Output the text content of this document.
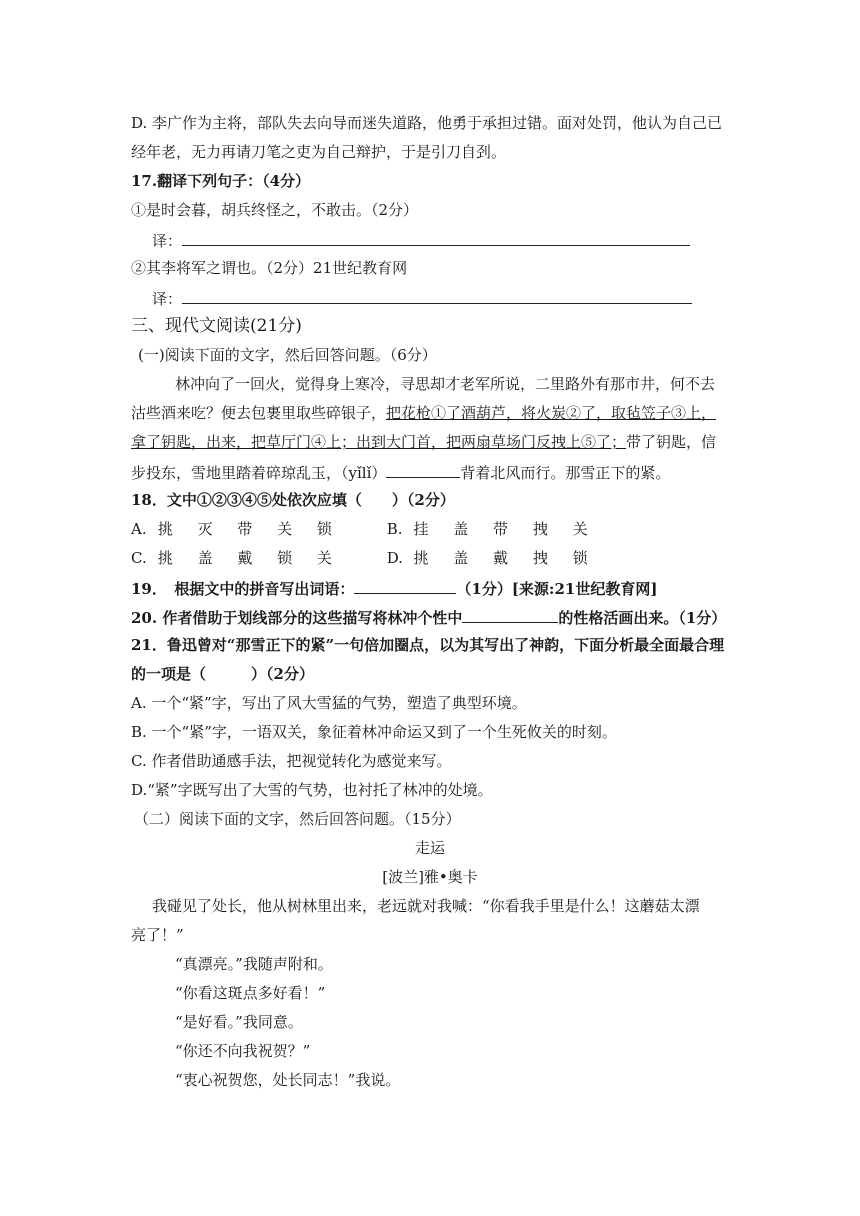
D. 李广作为主将，部队失去向导而迷失道路，他勇于承担过错。面对处罚，他认为自己已
经年老，无力再请刀笔之吏为自己辩护，于是引刀自刭。
17.翻译下列句子：（4分）
①是时会暮，胡兵终怪之，不敢击。（2分）
译：
②其李将军之谓也。（2分）21世纪教育网
译：
三、现代文阅读(21分)
(一)阅读下面的文字，然后回答问题。（6分）
林冲向了一回火，觉得身上寒冷，寻思却才老军所说，二里路外有那市井，何不去
沽些酒来吃？便去包裹里取些碎银子，把花枪①了酒葫芦，将火炭②了，取毡笠子③上，
拿了钥匙，出来，把草厅门④上；出到大门首，把两扇草场门反拽上⑤了；带了钥匙，信
步投东，雪地里踏着碎琼乱玉，（yǐlǐ）	背着北风而行。那雪正下的紧。
18．文中①②③④⑤处依次应填（　　）（2分）
A. 挑 灭 带 关 锁	B. 挂 盖 带 拽 关
C. 挑 盖 戴 锁 关	D. 挑 盖 戴 拽 锁
19．　根据文中的拼音写出词语：	（1分）[来源:21世纪教育网]
20. 作者借助于划线部分的这些描写将林冲个性中	的性格活画出来。（1分）
21．鲁迅曾对“那雪正下的紧”一句倍加圈点，以为其写出了神韵，下面分析最全面最合理
的一项是（　　　）（2分）
A. 一个“紧”字，写出了风大雪猛的气势，塑造了典型环境。
B. 一个“紧”字，一语双关，象征着林冲命运又到了一个生死攸关的时刻。
C. 作者借助通感手法，把视觉转化为感觉来写。
D.“紧”字既写出了大雪的气势，也衬托了林冲的处境。
（二）阅读下面的文字，然后回答问题。（15分）
走运
[波兰]雅•奥卡
我碰见了处长，他从树林里出来，老远就对我喊：“你看我手里是什么！这蘑菇太漂
亮了！”
“真漂亮。”我随声附和。
“你看这斑点多好看！”
“是好看。”我同意。
“你还不向我祝贺？”
“衷心祝贺您，处长同志！”我说。
